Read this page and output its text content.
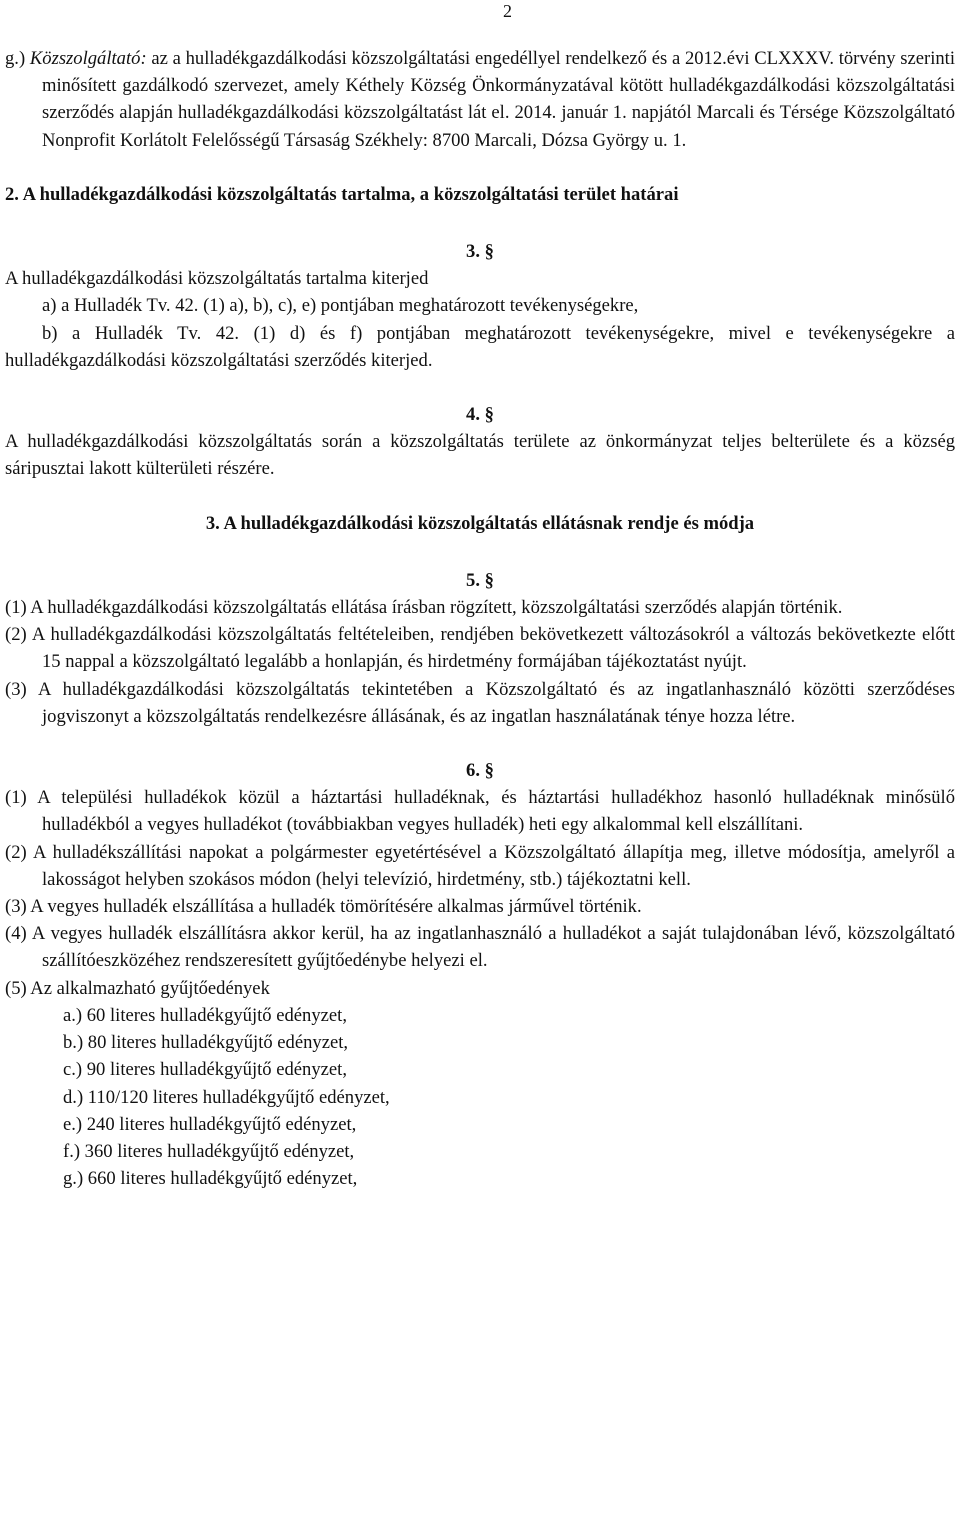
2

g.) Közszolgáltató: az a hulladékgazdálkodási közszolgáltatási engedéllyel rendelkező és a 2012.évi CLXXXV. törvény szerinti minősített gazdálkodó szervezet, amely Kéthely Község Önkormányzatával kötött hulladékgazdálkodási közszolgáltatási szerződés alapján hulladékgazdálkodási közszolgáltatást lát el. 2014. január 1. napjától Marcali és Térsége Közszolgáltató Nonprofit Korlátolt Felelősségű Társaság Székhely: 8700 Marcali, Dózsa György u. 1.

2. A hulladékgazdálkodási közszolgáltatás tartalma, a közszolgáltatási terület határai

3. §

A hulladékgazdálkodási közszolgáltatás tartalma kiterjed

a) a Hulladék Tv. 42. (1) a), b), c), e) pontjában meghatározott tevékenységekre,

b) a Hulladék Tv. 42. (1) d) és f) pontjában meghatározott tevékenységekre, mivel e tevékenységekre a hulladékgazdálkodási közszolgáltatási szerződés kiterjed.

4. §

A hulladékgazdálkodási közszolgáltatás során a közszolgáltatás területe az önkormányzat teljes belterülete és a község sáripusztai lakott külterületi részére.

3. A hulladékgazdálkodási közszolgáltatás ellátásnak rendje és módja

5. §

(1) A hulladékgazdálkodási közszolgáltatás ellátása írásban rögzített, közszolgáltatási szerződés alapján történik.

(2) A hulladékgazdálkodási közszolgáltatás feltételeiben, rendjében bekövetkezett változásokról a változás bekövetkezte előtt 15 nappal a közszolgáltató legalább a honlapján, és hirdetmény formájában tájékoztatást nyújt.

(3) A hulladékgazdálkodási közszolgáltatás tekintetében a Közszolgáltató és az ingatlanhasználó közötti szerződéses jogviszonyt a közszolgáltatás rendelkezésre állásának, és az ingatlan használatának ténye hozza létre.

6. §

(1) A települési hulladékok közül a háztartási hulladéknak, és háztartási hulladékhoz hasonló hulladéknak minősülő hulladékból a vegyes hulladékot (továbbiakban vegyes hulladék) heti egy alkalommal kell elszállítani.

(2) A hulladékszállítási napokat a polgármester egyetértésével a Közszolgáltató állapítja meg, illetve módosítja, amelyről a lakosságot helyben szokásos módon (helyi televízió, hirdetmény, stb.) tájékoztatni kell.

(3) A vegyes hulladék elszállítása a hulladék tömörítésére alkalmas járművel történik.

(4) A vegyes hulladék elszállításra akkor kerül, ha az ingatlanhasználó a hulladékot a saját tulajdonában lévő, közszolgáltató szállítóeszközéhez rendszeresített gyűjtőedénybe helyezi el.

(5) Az alkalmazható gyűjtőedények

a.) 60 literes hulladékgyűjtő edényzet,
b.) 80 literes hulladékgyűjtő edényzet,
c.) 90 literes hulladékgyűjtő edényzet,
d.) 110/120 literes hulladékgyűjtő edényzet,
e.) 240 literes hulladékgyűjtő edényzet,
f.) 360 literes hulladékgyűjtő edényzet,
g.) 660 literes hulladékgyűjtő edényzet,
